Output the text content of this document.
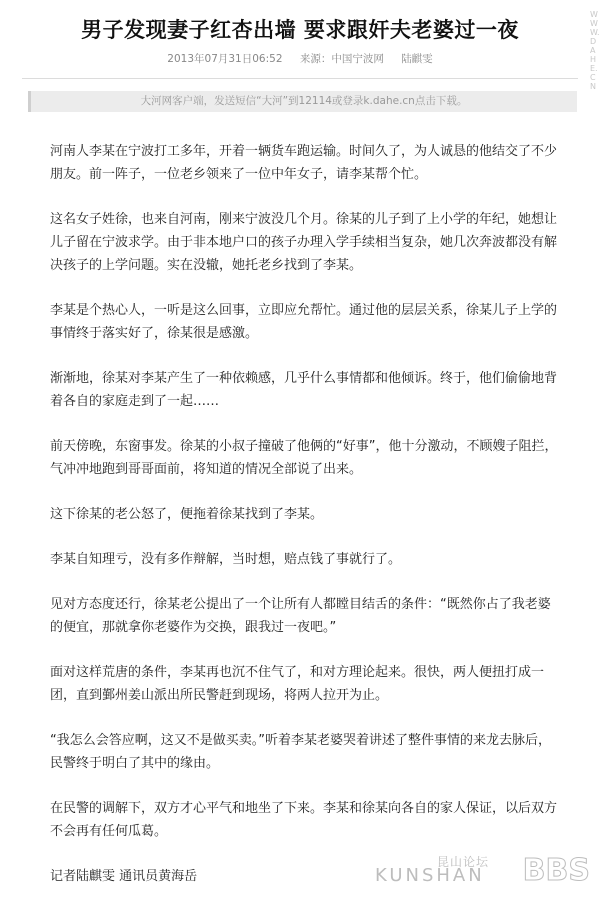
男子发现妻子红杏出墙 要求跟奸夫老婆过一夜
2013年07月31日06:52 来源：中国宁波网 陆麒雯
大河网客户端，发送短信“大河”到12114或登录k.dahe.cn点击下载。

河南人李某在宁波打工多年，开着一辆货车跑运输。时间久了，为人诚恳的他结交了不少朋友。前一阵子，一位老乡领来了一位中年女子，请李某帮个忙。

这名女子姓徐，也来自河南，刚来宁波没几个月。徐某的儿子到了上小学的年纪，她想让儿子留在宁波求学。由于非本地户口的孩子办理入学手续相当复杂，她几次奔波都没有解决孩子的上学问题。实在没辙，她托老乡找到了李某。

李某是个热心人，一听是这么回事，立即应允帮忙。通过他的层层关系，徐某儿子上学的事情终于落实好了，徐某很是感激。

渐渐地，徐某对李某产生了一种依赖感，几乎什么事情都和他倾诉。终于，他们偷偷地背着各自的家庭走到了一起……

前天傍晚，东窗事发。徐某的小叔子撞破了他俩的“好事”，他十分激动，不顾嫂子阻拦，气冲冲地跑到哥哥面前，将知道的情况全部说了出来。

这下徐某的老公怒了，便拖着徐某找到了李某。

李某自知理亏，没有多作辩解，当时想，赔点钱了事就行了。

见对方态度还行，徐某老公提出了一个让所有人都瞠目结舌的条件：“既然你占了我老婆的便宜，那就拿你老婆作为交换，跟我过一夜吧。”

面对这样荒唐的条件，李某再也沉不住气了，和对方理论起来。很快，两人便扭打成一团，直到鄞州姜山派出所民警赶到现场，将两人拉开为止。

“我怎么会答应啊，这又不是做买卖。”听着李某老婆哭着讲述了整件事情的来龙去脉后，民警终于明白了其中的缘由。

在民警的调解下，双方才心平气和地坐了下来。李某和徐某向各自的家人保证，以后双方不会再有任何瓜葛。

记者陆麒雯 通讯员黄海岳

WWW.DAHE.CN
昆山论坛
KUNSHAN BBS
